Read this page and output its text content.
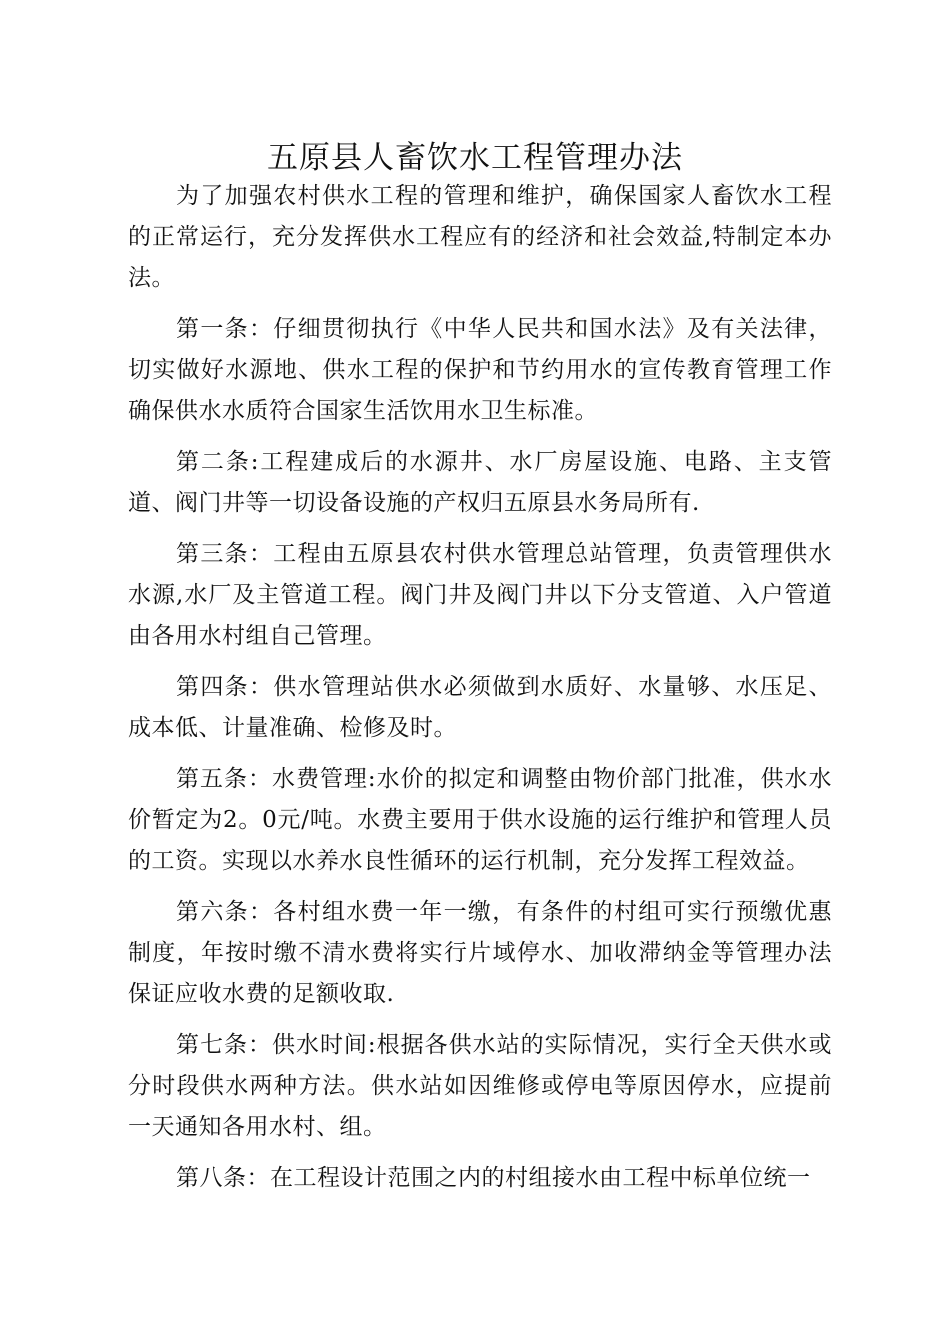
五原县人畜饮水工程管理办法

为了加强农村供水工程的管理和维护，确保国家人畜饮水工程的正常运行，充分发挥供水工程应有的经济和社会效益,特制定本办法。

第一条：仔细贯彻执行《中华人民共和国水法》及有关法律，切实做好水源地、供水工程的保护和节约用水的宣传教育管理工作确保供水水质符合国家生活饮用水卫生标准。

第二条:工程建成后的水源井、水厂房屋设施、电路、主支管道、阀门井等一切设备设施的产权归五原县水务局所有.

第三条：工程由五原县农村供水管理总站管理，负责管理供水水源,水厂及主管道工程。阀门井及阀门井以下分支管道、入户管道由各用水村组自己管理。

第四条：供水管理站供水必须做到水质好、水量够、水压足、成本低、计量准确、检修及时。

第五条：水费管理:水价的拟定和调整由物价部门批准，供水水价暂定为2。0元/吨。水费主要用于供水设施的运行维护和管理人员的工资。实现以水养水良性循环的运行机制，充分发挥工程效益。

第六条：各村组水费一年一缴，有条件的村组可实行预缴优惠制度，年按时缴不清水费将实行片域停水、加收滞纳金等管理办法保证应收水费的足额收取.

第七条：供水时间:根据各供水站的实际情况，实行全天供水或分时段供水两种方法。供水站如因维修或停电等原因停水，应提前一天通知各用水村、组。

第八条：在工程设计范围之内的村组接水由工程中标单位统一
